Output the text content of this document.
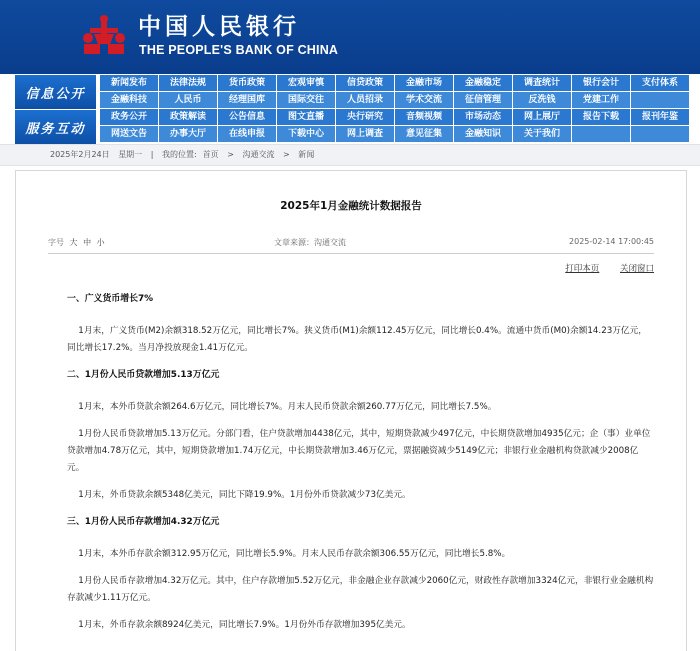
中国人民银行
THE PEOPLE'S BANK OF CHINA
信息公开
服务互动
新闻发布	法律法规	货币政策	宏观审慎	信贷政策	金融市场	金融稳定	调查统计	银行会计	支付体系
金融科技	人民币	经理国库	国际交往	人员招录	学术交流	征信管理	反洗钱	党建工作
政务公开	政策解读	公告信息	图文直播	央行研究	音频视频	市场动态	网上展厅	报告下载	报刊年鉴
网送文告	办事大厅	在线申报	下载中心	网上调查	意见征集	金融知识	关于我们
2025年2月24日 星期一 | 我的位置: 首页 > 沟通交流 > 新闻
2025年1月金融统计数据报告
字号 大 中 小	文章来源：沟通交流	2025-02-14 17:00:45
打印本页 关闭窗口
一、广义货币增长7%

1月末，广义货币(M2)余额318.52万亿元，同比增长7%。狭义货币(M1)余额112.45万亿元，同比增长0.4%。流通中货币(M0)余额14.23万亿元，同比增长17.2%。当月净投放现金1.41万亿元。

二、1月份人民币贷款增加5.13万亿元

1月末，本外币贷款余额264.6万亿元，同比增长7%。月末人民币贷款余额260.77万亿元，同比增长7.5%。

1月份人民币贷款增加5.13万亿元。分部门看，住户贷款增加4438亿元，其中，短期贷款减少497亿元，中长期贷款增加4935亿元；企（事）业单位贷款增加4.78万亿元，其中，短期贷款增加1.74万亿元，中长期贷款增加3.46万亿元，票据融资减少5149亿元；非银行业金融机构贷款减少2008亿元。

1月末，外币贷款余额5348亿美元，同比下降19.9%。1月份外币贷款减少73亿美元。

三、1月份人民币存款增加4.32万亿元

1月末，本外币存款余额312.95万亿元，同比增长5.9%。月末人民币存款余额306.55万亿元，同比增长5.8%。

1月份人民币存款增加4.32万亿元。其中，住户存款增加5.52万亿元，非金融企业存款减少2060亿元，财政性存款增加3324亿元，非银行业金融机构存款减少1.11万亿元。

1月末，外币存款余额8924亿美元，同比增长7.9%。1月份外币存款增加395亿美元。
